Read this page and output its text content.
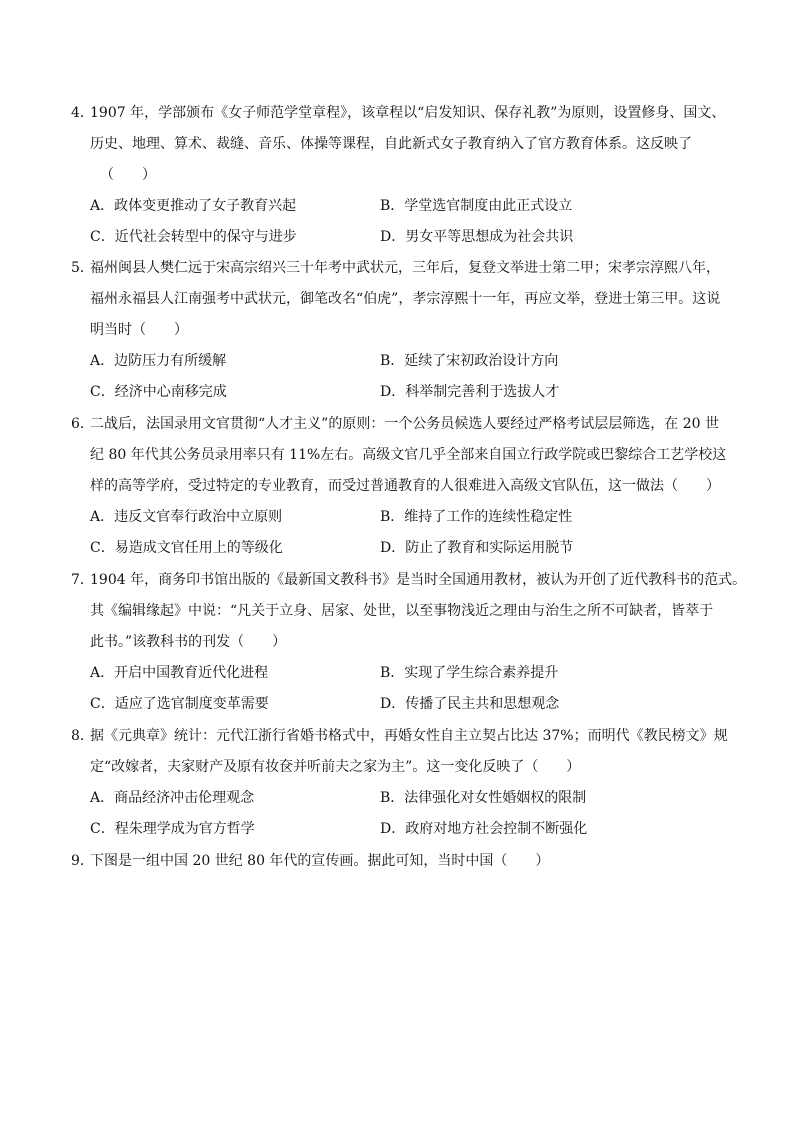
4．
1907 年，学部颁布《女子师范学堂章程》，该章程以“启发知识、保存礼教”为原则，设置修身、国文、
历史、地理、算术、裁缝、音乐、体操等课程，自此新式女子教育纳入了官方教育体系。这反映了
（　　）
A．政体变更推动了女子教育兴起	B．学堂选官制度由此正式设立
C．近代社会转型中的保守与进步	D．男女平等思想成为社会共识
5．
福州闽县人樊仁远于宋高宗绍兴三十年考中武状元，三年后，复登文举进士第二甲；宋孝宗淳熙八年，
福州永福县人江南强考中武状元，御笔改名“伯虎”，孝宗淳熙十一年，再应文举，登进士第三甲。这说
明当时（　　）
A．边防压力有所缓解	B．延续了宋初政治设计方向
C．经济中心南移完成	D．科举制完善利于选拔人才
6．
二战后，法国录用文官贯彻“人才主义”的原则：一个公务员候选人要经过严格考试层层筛选，在 20 世
纪 80 年代其公务员录用率只有 11%左右。高级文官几乎全部来自国立行政学院或巴黎综合工艺学校这
样的高等学府，受过特定的专业教育，而受过普通教育的人很难进入高级文官队伍，这一做法（　　）
A．违反文官奉行政治中立原则	B．维持了工作的连续性稳定性
C．易造成文官任用上的等级化	D．防止了教育和实际运用脱节
7．
1904 年，商务印书馆出版的《最新国文教科书》是当时全国通用教材，被认为开创了近代教科书的范式。
其《编辑缘起》中说：“凡关于立身、居家、处世，以至事物浅近之理由与治生之所不可缺者，皆萃于
此书。”该教科书的刊发（　　）
A．开启中国教育近代化进程	B．实现了学生综合素养提升
C．适应了选官制度变革需要	D．传播了民主共和思想观念
8．
据《元典章》统计：元代江浙行省婚书格式中，再婚女性自主立契占比达 37%；而明代《教民榜文》规
定“改嫁者，夫家财产及原有妆奁并听前夫之家为主”。这一变化反映了（　　）
A．商品经济冲击伦理观念	B．法律强化对女性婚姻权的限制
C．程朱理学成为官方哲学	D．政府对地方社会控制不断强化
9．
下图是一组中国 20 世纪 80 年代的宣传画。据此可知，当时中国（　　）
